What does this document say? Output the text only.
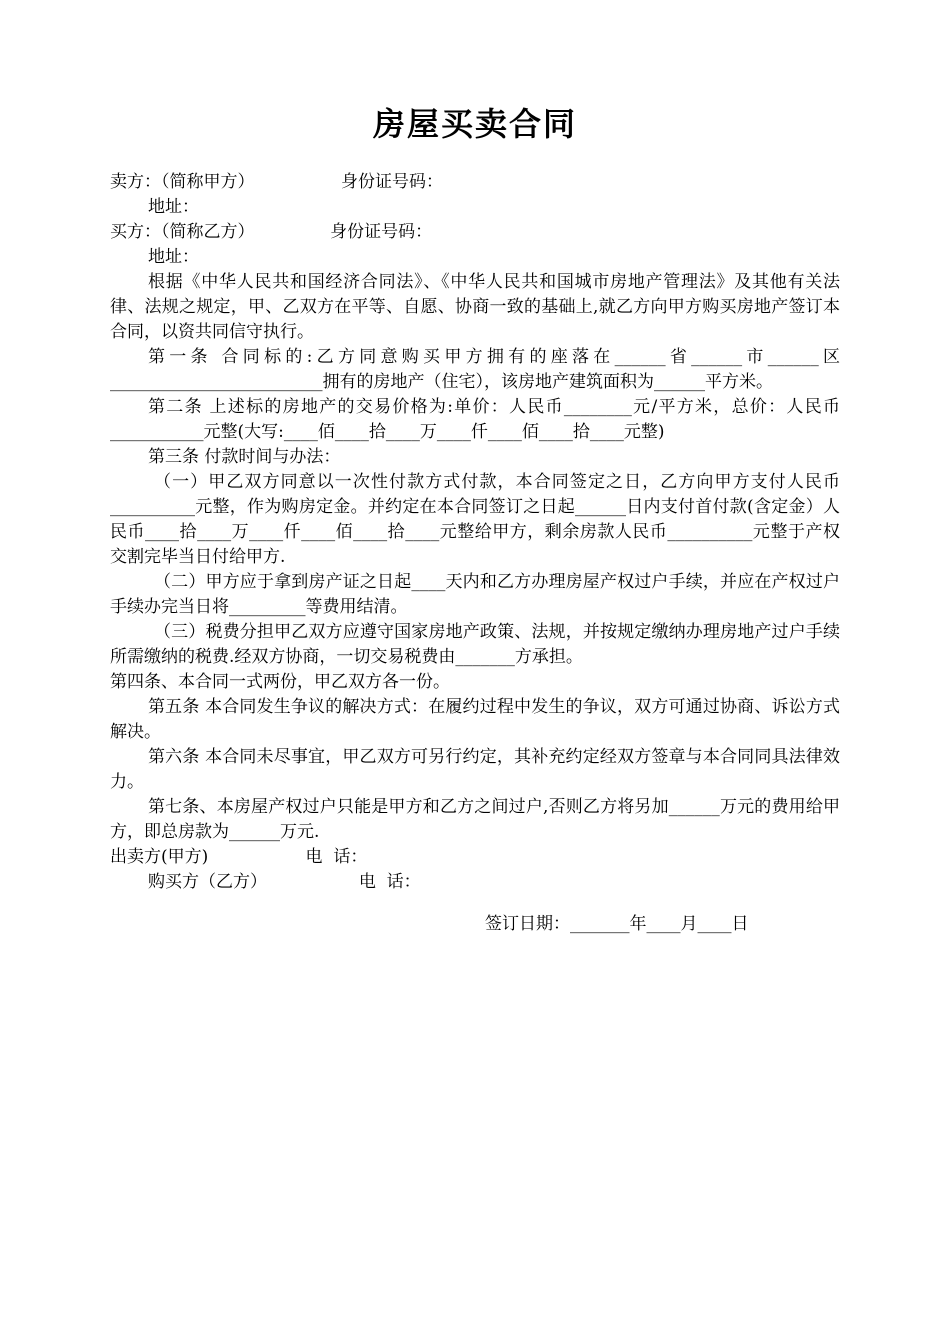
房屋买卖合同

卖方：（简称甲方）                身份证号码：

地址：

买方：（简称乙方）              身份证号码：

地址：

根据《中华人民共和国经济合同法》、《中华人民共和国城市房地产管理法》及其他有关法律、法规之规定，甲、乙双方在平等、自愿、协商一致的基础上,就乙方向甲方购买房地产签订本合同，以资共同信守执行。

第一条 合同标的:乙方同意购买甲方拥有的座落在______省______市______区_________________________拥有的房地产（住宅），该房地产建筑面积为______平方米。

第二条 上述标的房地产的交易价格为:单价：人民币________元/平方米，总价：人民币___________元整(大写:____佰____拾____万____仟____佰____拾____元整)

第三条 付款时间与办法：

（一）甲乙双方同意以一次性付款方式付款，本合同签定之日，乙方向甲方支付人民币__________元整，作为购房定金。并约定在本合同签订之日起______日内支付首付款(含定金）人民币____拾____万____仟____佰____拾____元整给甲方，剩余房款人民币__________元整于产权交割完毕当日付给甲方.

（二）甲方应于拿到房产证之日起____天内和乙方办理房屋产权过户手续，并应在产权过户手续办完当日将_________等费用结清。

（三）税费分担甲乙双方应遵守国家房地产政策、法规，并按规定缴纳办理房地产过户手续所需缴纳的税费.经双方协商，一切交易税费由_______方承担。

第四条、本合同一式两份，甲乙双方各一份。

第五条 本合同发生争议的解决方式：在履约过程中发生的争议，双方可通过协商、诉讼方式解决。

第六条 本合同未尽事宜，甲乙双方可另行约定，其补充约定经双方签章与本合同同具法律效力。

第七条、本房屋产权过户只能是甲方和乙方之间过户,否则乙方将另加______万元的费用给甲方，即总房款为______万元.

出卖方(甲方)                  电  话：

购买方（乙方）                 电  话：

签订日期：_______年____月____日
